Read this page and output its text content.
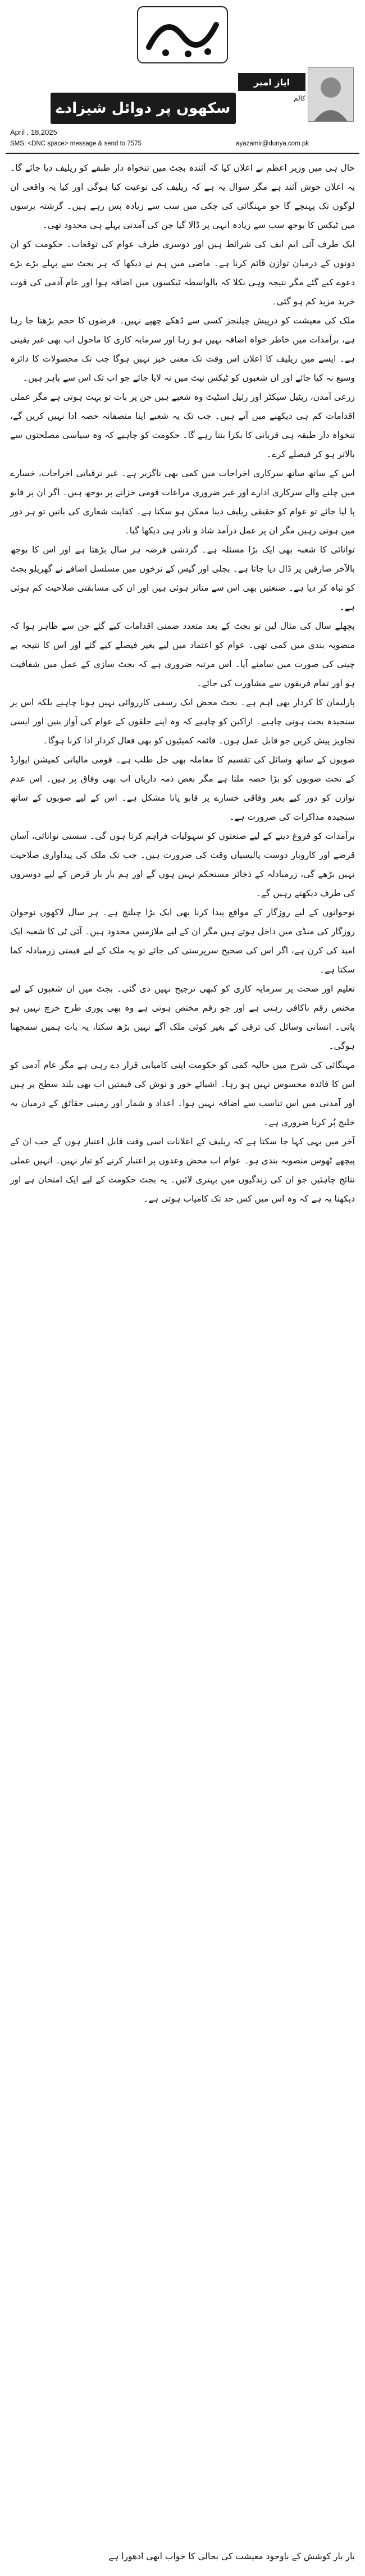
ایاز امیر
کالم
سکھوں پر دوائل شیزادے
April , 18,2025
SMS: <DNC space> message & send to 7575	ayazamir@dunya.com.pk

حال ہی میں وزیر اعظم نے اعلان کیا کہ آئندہ بجٹ میں تنخواہ دار طبقے کو ریلیف دیا جائے گا۔ یہ اعلان خوش آئند ہے مگر سوال یہ ہے کہ ریلیف کی نوعیت کیا ہوگی اور کیا یہ واقعی ان لوگوں تک پہنچے گا جو مہنگائی کی چکی میں سب سے زیادہ پس رہے ہیں۔ گزشتہ برسوں میں ٹیکس کا بوجھ سب سے زیادہ انہی پر ڈالا گیا جن کی آمدنی پہلے ہی محدود تھی۔

ایک طرف آئی ایم ایف کی شرائط ہیں اور دوسری طرف عوام کی توقعات۔ حکومت کو ان دونوں کے درمیان توازن قائم کرنا ہے۔ ماضی میں ہم نے دیکھا کہ ہر بجٹ سے پہلے بڑے بڑے دعوے کیے گئے مگر نتیجہ وہی نکلا کہ بالواسطہ ٹیکسوں میں اضافہ ہوا اور عام آدمی کی قوت خرید مزید کم ہو گئی۔

ملک کی معیشت کو درپیش چیلنجز کسی سے ڈھکے چھپے نہیں۔ قرضوں کا حجم بڑھتا جا رہا ہے، برآمدات میں خاطر خواہ اضافہ نہیں ہو رہا اور سرمایہ کاری کا ماحول اب بھی غیر یقینی ہے۔ ایسے میں ریلیف کا اعلان اس وقت تک معنی خیز نہیں ہوگا جب تک محصولات کا دائرہ وسیع نہ کیا جائے اور ان شعبوں کو ٹیکس نیٹ میں نہ لایا جائے جو اب تک اس سے باہر ہیں۔

زرعی آمدن، ریٹیل سیکٹر اور رئیل اسٹیٹ وہ شعبے ہیں جن پر بات تو بہت ہوتی ہے مگر عملی اقدامات کم ہی دیکھنے میں آتے ہیں۔ جب تک یہ شعبے اپنا منصفانہ حصہ ادا نہیں کریں گے، تنخواہ دار طبقہ ہی قربانی کا بکرا بنتا رہے گا۔ حکومت کو چاہیے کہ وہ سیاسی مصلحتوں سے بالاتر ہو کر فیصلے کرے۔

اس کے ساتھ ساتھ سرکاری اخراجات میں کمی بھی ناگزیر ہے۔ غیر ترقیاتی اخراجات، خسارے میں چلنے والے سرکاری ادارے اور غیر ضروری مراعات قومی خزانے پر بوجھ ہیں۔ اگر ان پر قابو پا لیا جائے تو عوام کو حقیقی ریلیف دینا ممکن ہو سکتا ہے۔ کفایت شعاری کی باتیں تو ہر دور میں ہوتی رہیں مگر ان پر عمل درآمد شاذ و نادر ہی دیکھا گیا۔

توانائی کا شعبہ بھی ایک بڑا مسئلہ ہے۔ گردشی قرضہ ہر سال بڑھتا ہے اور اس کا بوجھ بالآخر صارفین پر ڈال دیا جاتا ہے۔ بجلی اور گیس کے نرخوں میں مسلسل اضافے نے گھریلو بجٹ کو تباہ کر دیا ہے۔ صنعتیں بھی اس سے متاثر ہوئی ہیں اور ان کی مسابقتی صلاحیت کم ہوئی ہے۔

پچھلے سال کی مثال لیں تو بجٹ کے بعد متعدد ضمنی اقدامات کیے گئے جن سے ظاہر ہوا کہ منصوبہ بندی میں کمی تھی۔ عوام کو اعتماد میں لیے بغیر فیصلے کیے گئے اور اس کا نتیجہ بے چینی کی صورت میں سامنے آیا۔ اس مرتبہ ضروری ہے کہ بجٹ سازی کے عمل میں شفافیت ہو اور تمام فریقوں سے مشاورت کی جائے۔

پارلیمان کا کردار بھی اہم ہے۔ بجٹ محض ایک رسمی کارروائی نہیں ہونا چاہیے بلکہ اس پر سنجیدہ بحث ہونی چاہیے۔ اراکین کو چاہیے کہ وہ اپنے حلقوں کے عوام کی آواز بنیں اور ایسی تجاویز پیش کریں جو قابل عمل ہوں۔ قائمہ کمیٹیوں کو بھی فعال کردار ادا کرنا ہوگا۔

صوبوں کے ساتھ وسائل کی تقسیم کا معاملہ بھی حل طلب ہے۔ قومی مالیاتی کمیشن ایوارڈ کے تحت صوبوں کو بڑا حصہ ملتا ہے مگر بعض ذمہ داریاں اب بھی وفاق پر ہیں۔ اس عدم توازن کو دور کیے بغیر وفاقی خسارے پر قابو پانا مشکل ہے۔ اس کے لیے صوبوں کے ساتھ سنجیدہ مذاکرات کی ضرورت ہے۔

برآمدات کو فروغ دینے کے لیے صنعتوں کو سہولیات فراہم کرنا ہوں گی۔ سستی توانائی، آسان قرضے اور کاروبار دوست پالیسیاں وقت کی ضرورت ہیں۔ جب تک ملک کی پیداواری صلاحیت نہیں بڑھے گی، زرمبادلہ کے ذخائر مستحکم نہیں ہوں گے اور ہم بار بار قرض کے لیے دوسروں کی طرف دیکھتے رہیں گے۔

نوجوانوں کے لیے روزگار کے مواقع پیدا کرنا بھی ایک بڑا چیلنج ہے۔ ہر سال لاکھوں نوجوان روزگار کی منڈی میں داخل ہوتے ہیں مگر ان کے لیے ملازمتیں محدود ہیں۔ آئی ٹی کا شعبہ ایک امید کی کرن ہے، اگر اس کی صحیح سرپرستی کی جائے تو یہ ملک کے لیے قیمتی زرمبادلہ کما سکتا ہے۔

تعلیم اور صحت پر سرمایہ کاری کو کبھی ترجیح نہیں دی گئی۔ بجٹ میں ان شعبوں کے لیے مختص رقم ناکافی رہتی ہے اور جو رقم مختص ہوتی ہے وہ بھی پوری طرح خرچ نہیں ہو پاتی۔ انسانی وسائل کی ترقی کے بغیر کوئی ملک آگے نہیں بڑھ سکتا، یہ بات ہمیں سمجھنا ہوگی۔

مہنگائی کی شرح میں حالیہ کمی کو حکومت اپنی کامیابی قرار دے رہی ہے مگر عام آدمی کو اس کا فائدہ محسوس نہیں ہو رہا۔ اشیائے خور و نوش کی قیمتیں اب بھی بلند سطح پر ہیں اور آمدنی میں اس تناسب سے اضافہ نہیں ہوا۔ اعداد و شمار اور زمینی حقائق کے درمیان یہ خلیج پُر کرنا ضروری ہے۔

آخر میں یہی کہا جا سکتا ہے کہ ریلیف کے اعلانات اسی وقت قابل اعتبار ہوں گے جب ان کے پیچھے ٹھوس منصوبہ بندی ہو۔ عوام اب محض وعدوں پر اعتبار کرنے کو تیار نہیں۔ انہیں عملی نتائج چاہئیں جو ان کی زندگیوں میں بہتری لائیں۔ یہ بجٹ حکومت کے لیے ایک امتحان ہے اور دیکھنا یہ ہے کہ وہ اس میں کس حد تک کامیاب ہوتی ہے۔

بار بار کوشش کے باوجود معیشت کی بحالی کا خواب ابھی ادھورا ہے
